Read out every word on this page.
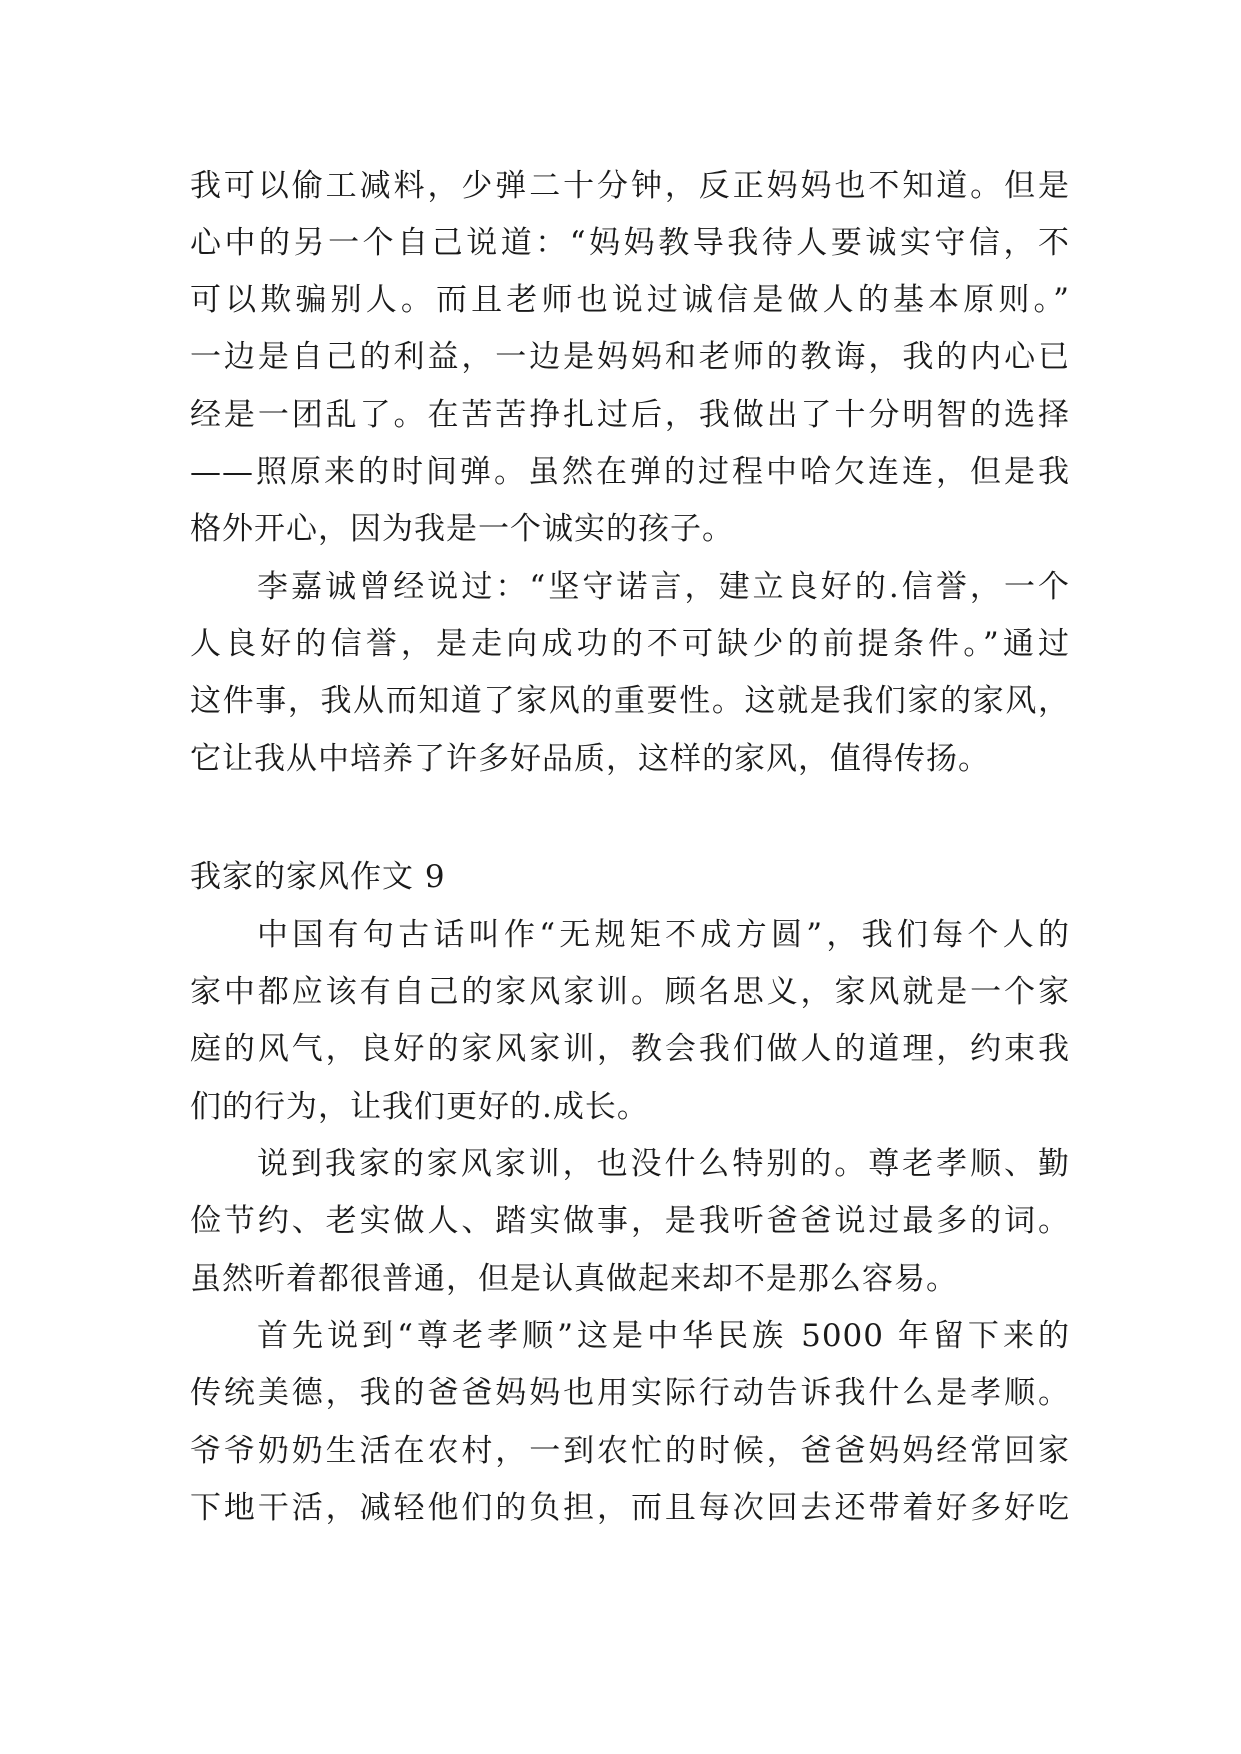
我可以偷工减料，少弹二十分钟，反正妈妈也不知道。但是
心中的另一个自己说道：“妈妈教导我待人要诚实守信，不
可以欺骗别人。而且老师也说过诚信是做人的基本原则。”
一边是自己的利益，一边是妈妈和老师的教诲，我的内心已
经是一团乱了。在苦苦挣扎过后，我做出了十分明智的选择
——照原来的时间弹。虽然在弹的过程中哈欠连连，但是我
格外开心，因为我是一个诚实的孩子。
李嘉诚曾经说过：“坚守诺言，建立良好的.信誉，一个
人良好的信誉，是走向成功的不可缺少的前提条件。”通过
这件事，我从而知道了家风的重要性。这就是我们家的家风，
它让我从中培养了许多好品质，这样的家风，值得传扬。
我家的家风作文 9
中国有句古话叫作“无规矩不成方圆”，我们每个人的
家中都应该有自己的家风家训。顾名思义，家风就是一个家
庭的风气，良好的家风家训，教会我们做人的道理，约束我
们的行为，让我们更好的.成长。
说到我家的家风家训，也没什么特别的。尊老孝顺、勤
俭节约、老实做人、踏实做事，是我听爸爸说过最多的词。
虽然听着都很普通，但是认真做起来却不是那么容易。
首先说到“尊老孝顺”这是中华民族 5000 年留下来的
传统美德，我的爸爸妈妈也用实际行动告诉我什么是孝顺。
爷爷奶奶生活在农村，一到农忙的时候，爸爸妈妈经常回家
下地干活，减轻他们的负担，而且每次回去还带着好多好吃
